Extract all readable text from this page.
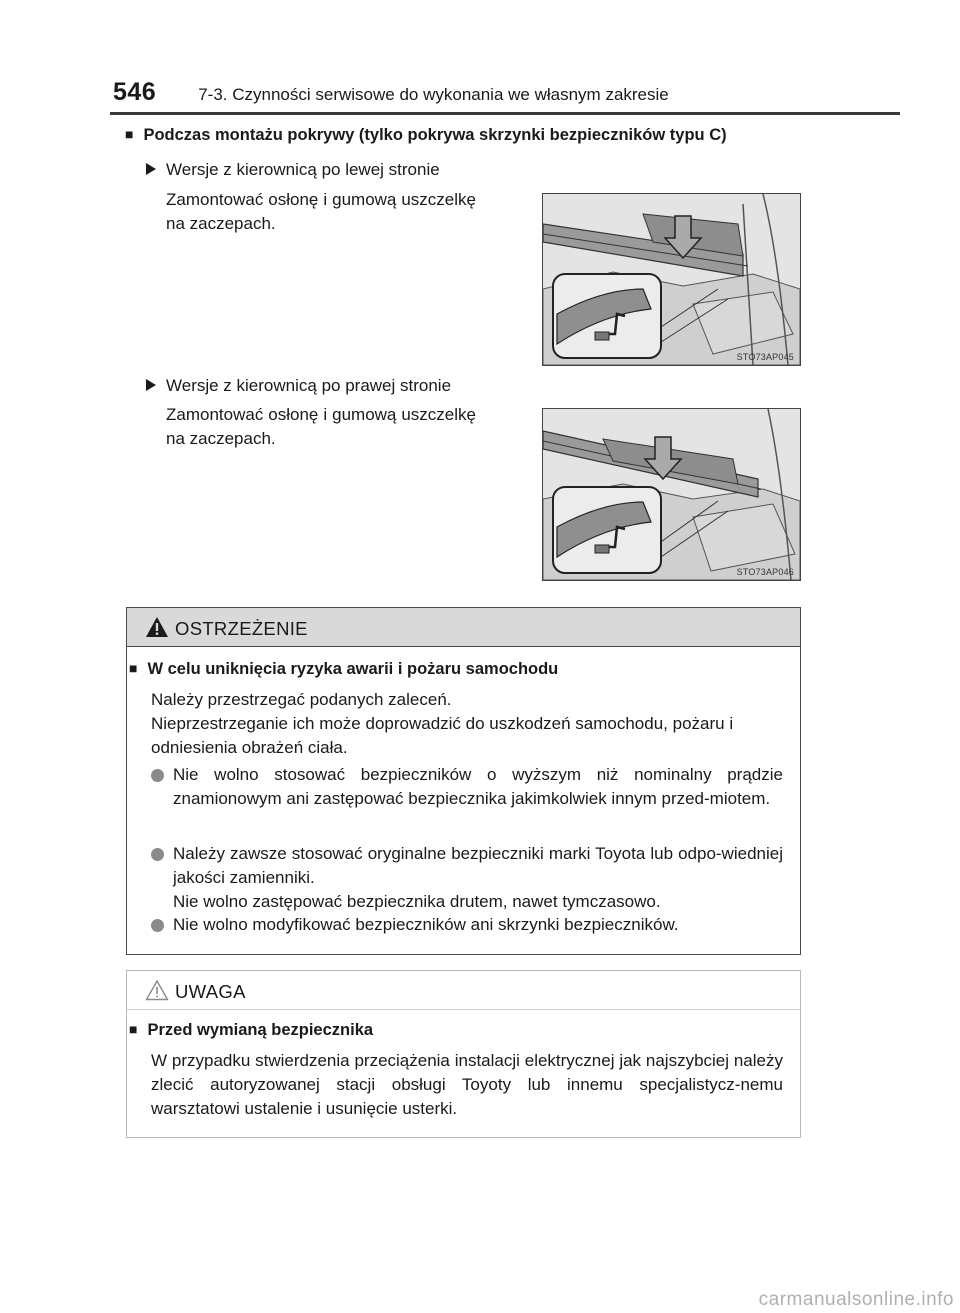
546 7-3. Czynności serwisowe do wykonania we własnym zakresie
■ Podczas montażu pokrywy (tylko pokrywa skrzynki bezpieczników typu C)
Wersje z kierownicą po lewej stronie
Zamontować osłonę i gumową uszczelkę na zaczepach.
STO73AP045
Wersje z kierownicą po prawej stronie
Zamontować osłonę i gumową uszczelkę na zaczepach.
STO73AP046
OSTRZEŻENIE
■ W celu uniknięcia ryzyka awarii i pożaru samochodu
Należy przestrzegać podanych zaleceń.
Nieprzestrzeganie ich może doprowadzić do uszkodzeń samochodu, pożaru i odniesienia obrażeń ciała.
Nie wolno stosować bezpieczników o wyższym niż nominalny prądzie znamionowym ani zastępować bezpiecznika jakimkolwiek innym przed-miotem.
Należy zawsze stosować oryginalne bezpieczniki marki Toyota lub odpo-wiedniej jakości zamienniki.
Nie wolno zastępować bezpiecznika drutem, nawet tymczasowo.
Nie wolno modyfikować bezpieczników ani skrzynki bezpieczników.
UWAGA
■ Przed wymianą bezpiecznika
W przypadku stwierdzenia przeciążenia instalacji elektrycznej jak najszybciej należy zlecić autoryzowanej stacji obsługi Toyoty lub innemu specjalistycz-nemu warsztatowi ustalenie i usunięcie usterki.
carmanualsonline.info
